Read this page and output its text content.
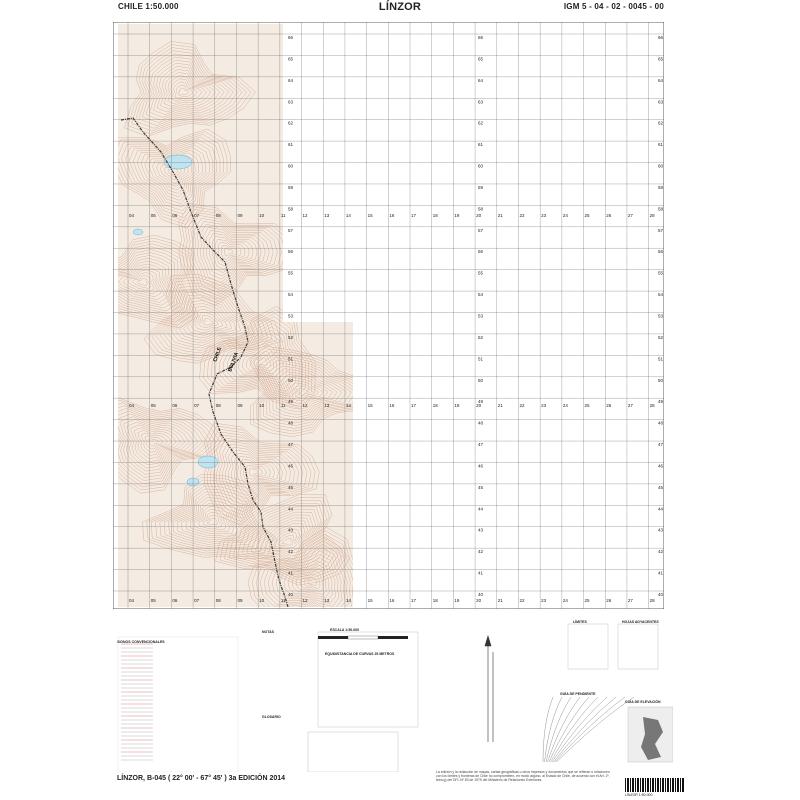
CHILE 1:50.000	LÍNZOR	IGM 5 - 04 - 02 - 0045 - 00
04
04
04
05
05
05
06
06
06
07
07
07
08
08
08
09
09
09
10
10
10
11
11
11
12
12
12
13
13
13
14
14
14
15
15
15
16
16
16
17
17
17
18
18
18
19
19
19
20
20
20
21
21
21
22
22
22
23
23
23
24
24
24
25
25
25
26
26
26
27
27
27
28
28
28
66	66	66
65	65	65
64	64	64
63	63	63
62	62	62
61	61	61
60	60	60
59	59	59
58	58	58
57	57	57
56	56	56
55	55	55
54	54	54
53	53	53
52	52	52
51	51	51
50	50	50
49	49	49
48	48	48
47	47	47
46	46	46
45	45	45
44	44	44
43	43	43
42	42	42
41	41	41
40	40	40
CHILE BOLIVIA
LÍNZOR, B-045 ( 22° 00' - 67° 45' ) 3a EDICIÓN 2014
SIGNOS CONVENCIONALES
NOTAS
GLOSARIO
ESCALA 1:50.000
EQUIDISTANCIA DE CURVAS 25 METROS
LÍMITES	HOJAS ADYACENTES
GUÍA DE PENDIENTE
GUÍA DE ELEVACIÓN
La edición y la redacción de mapas, cartas geográficas u otros impresos y documentos que se refieran o relacionen con los límites y fronteras de Chile no comprometen, en modo alguno, al Estado de Chile, de acuerdo con el Art. 2º, letra g) del DFL Nº 83 de 1979 del Ministerio de Relaciones Exteriores.
LÍNZOR 1:50.000
